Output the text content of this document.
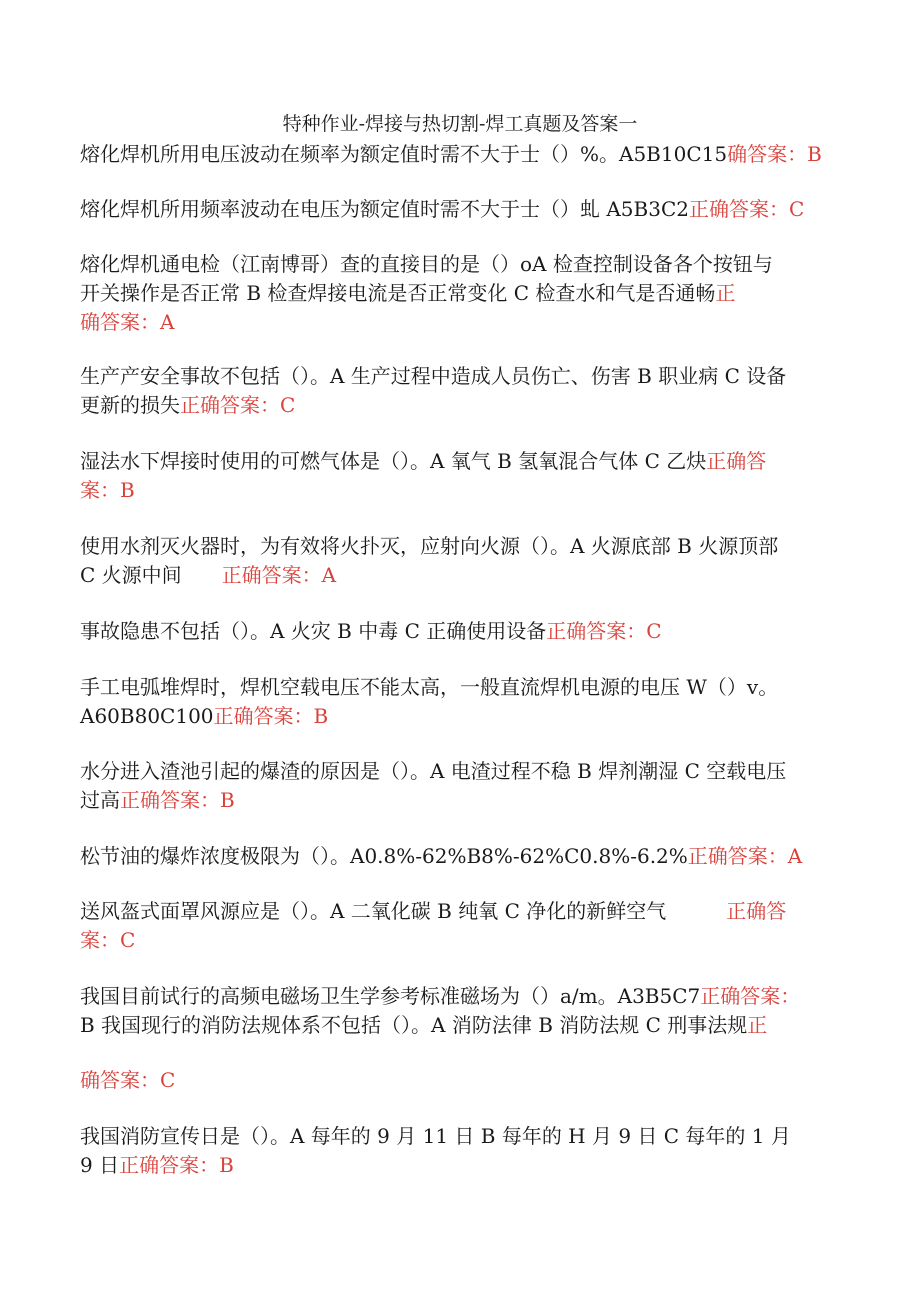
特种作业-焊接与热切割-焊工真题及答案一
熔化焊机所用电压波动在频率为额定值时需不大于士（）%。A5B10C15确答案：B
熔化焊机所用频率波动在电压为额定值时需不大于士（）虬 A5B3C2正确答案：C
熔化焊机通电检（江南博哥）查的直接目的是（）oA 检查控制设备各个按钮与
开关操作是否正常 B 检查焊接电流是否正常变化 C 检查水和气是否通畅正
确答案：A
生产产安全事故不包括（）。A 生产过程中造成人员伤亡、伤害 B 职业病 C 设备
更新的损失正确答案：C
湿法水下焊接时使用的可燃气体是（）。A 氧气 B 氢氧混合气体 C 乙炔正确答
案：B
使用水剂灭火器时，为有效将火扑灭，应射向火源（）。A 火源底部 B 火源顶部
C 火源中间　　正确答案：A
事故隐患不包括（）。A 火灾 B 中毒 C 正确使用设备正确答案：C
手工电弧堆焊时，焊机空载电压不能太高，一般直流焊机电源的电压 W（）v。
A60B80C100正确答案：B
水分进入渣池引起的爆渣的原因是（）。A 电渣过程不稳 B 焊剂潮湿 C 空载电压
过高正确答案：B
松节油的爆炸浓度极限为（）。A0.8%-62%B8%-62%C0.8%-6.2%正确答案：A
送风盔式面罩风源应是（）。A 二氧化碳 B 纯氧 C 净化的新鲜空气　　　正确答
案：C
我国目前试行的高频电磁场卫生学参考标准磁场为（）a/m。A3B5C7正确答案：
B 我国现行的消防法规体系不包括（）。A 消防法律 B 消防法规 C 刑事法规正
确答案：C
我国消防宣传日是（）。A 每年的 9 月 11 日 B 每年的 H 月 9 日 C 每年的 1 月
9 日正确答案：B
